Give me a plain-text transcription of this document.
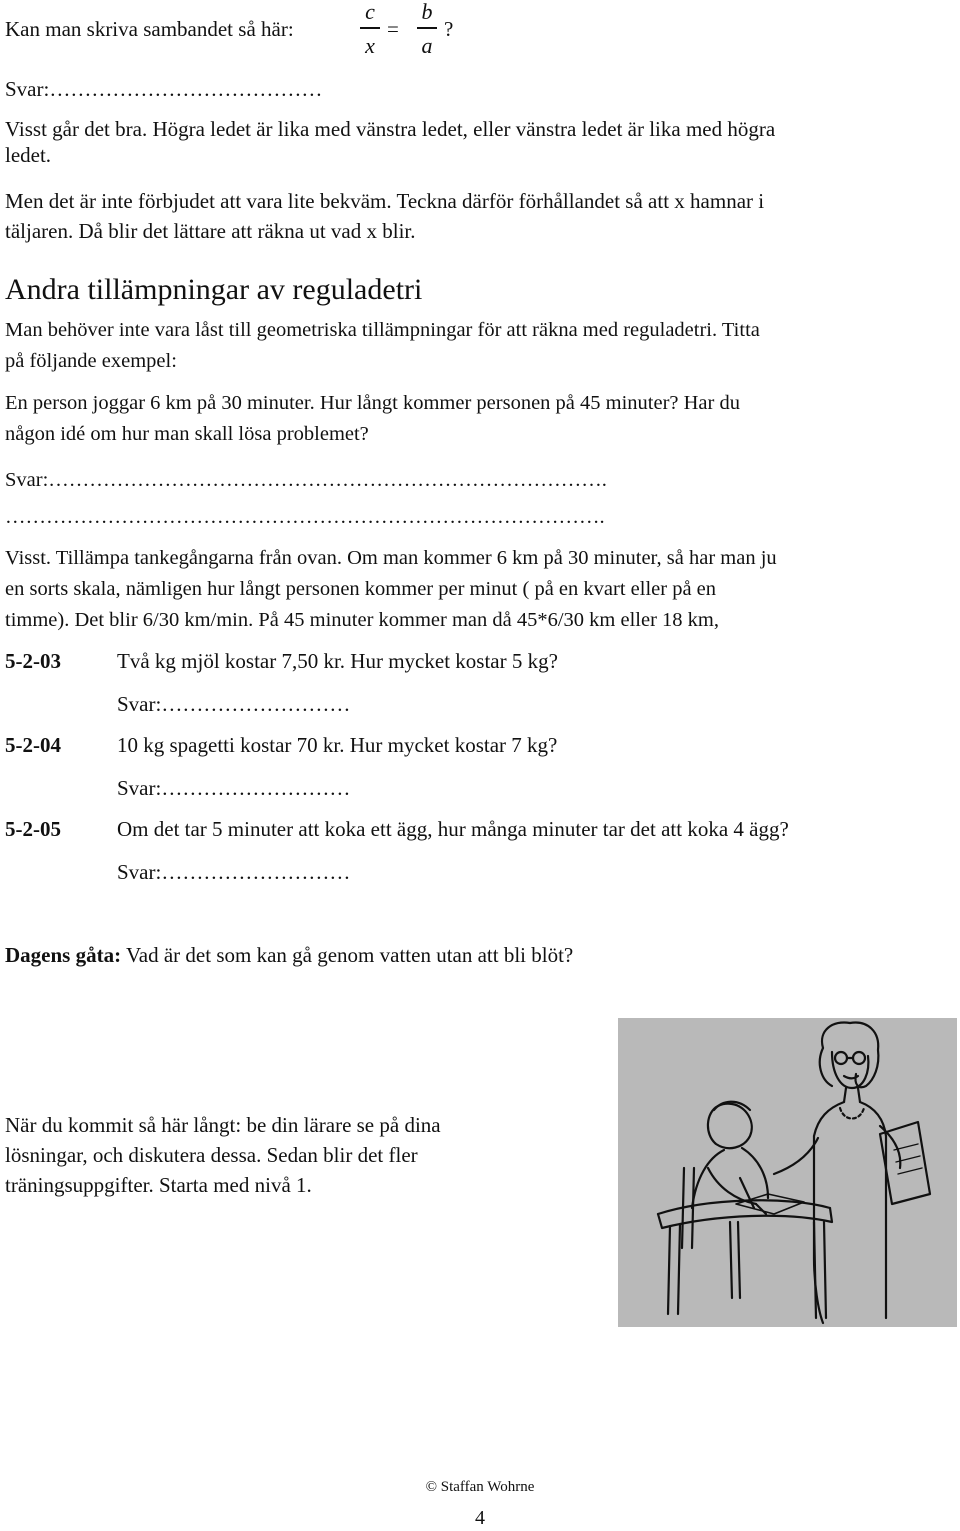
Kan man skriva sambandet så här:
c
x
=
b
a
?
Svar:…………………………………
Visst går det bra. Högra ledet är lika med vänstra ledet, eller vänstra ledet är lika med högra
ledet.
Men det är inte förbjudet att vara lite bekväm. Teckna därför förhållandet så att x hamnar i
täljaren. Då blir det lättare att räkna ut vad x blir.
Andra tillämpningar av reguladetri
Man behöver inte vara låst till geometriska tillämpningar för att räkna med reguladetri. Titta
på följande exempel:
En person joggar 6 km på 30 minuter. Hur långt kommer personen på 45 minuter? Har du
någon idé om hur man skall lösa problemet?
Svar:……………………………………………………………………….
…………………………………………………………………………….
Visst. Tillämpa tankegångarna från ovan. Om man kommer 6 km på 30 minuter, så har man ju
en sorts skala, nämligen hur långt personen kommer per minut ( på en kvart eller på en
timme). Det blir 6/30 km/min. På 45 minuter kommer man då 45*6/30 km eller 18 km,
5-2-03	Två kg mjöl kostar 7,50 kr. Hur mycket kostar 5 kg?
Svar:………………………
5-2-04	10 kg spagetti kostar 70 kr. Hur mycket kostar 7 kg?
Svar:………………………
5-2-05	Om det tar 5 minuter att koka ett ägg, hur många minuter tar det att koka 4 ägg?
Svar:………………………
Dagens gåta: Vad är det som kan gå genom vatten utan att bli blöt?
När du kommit så här långt: be din lärare se på dina
lösningar, och diskutera dessa. Sedan blir det fler
träningsuppgifter. Starta med nivå 1.
© Staffan Wohrne
4
